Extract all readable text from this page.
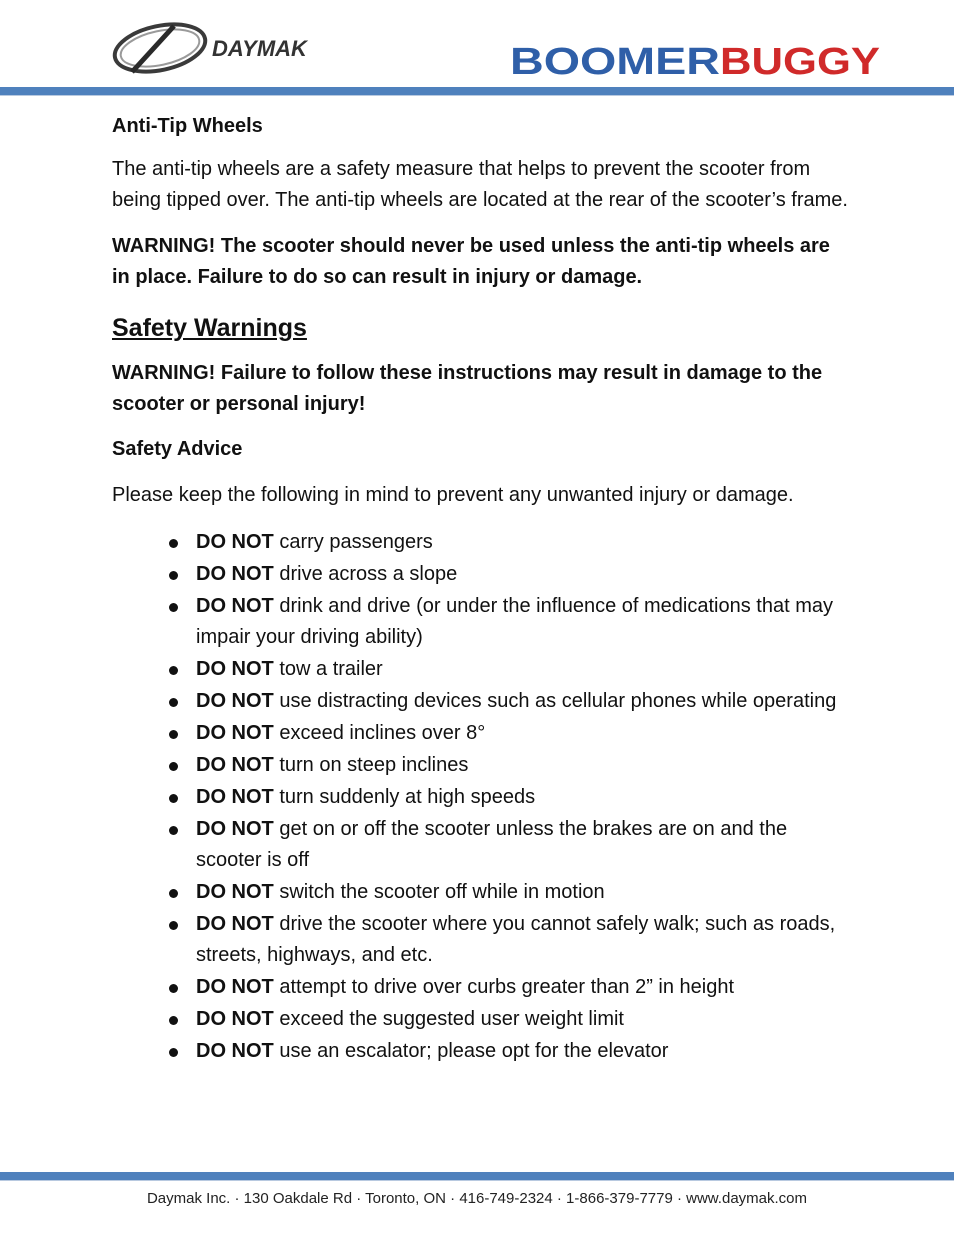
DAYMAK	BOOMER BUGGY

Anti-Tip Wheels

The anti-tip wheels are a safety measure that helps to prevent the scooter from being tipped over. The anti-tip wheels are located at the rear of the scooter’s frame.

WARNING! The scooter should never be used unless the anti-tip wheels are in place. Failure to do so can result in injury or damage.

Safety Warnings

WARNING! Failure to follow these instructions may result in damage to the scooter or personal injury!

Safety Advice

Please keep the following in mind to prevent any unwanted injury or damage.

DO NOT carry passengers
DO NOT drive across a slope
DO NOT drink and drive (or under the influence of medications that may impair your driving ability)
DO NOT tow a trailer
DO NOT use distracting devices such as cellular phones while operating
DO NOT exceed inclines over 8°
DO NOT turn on steep inclines
DO NOT turn suddenly at high speeds
DO NOT get on or off the scooter unless the brakes are on and the scooter is off
DO NOT switch the scooter off while in motion
DO NOT drive the scooter where you cannot safely walk; such as roads, streets, highways, and etc.
DO NOT attempt to drive over curbs greater than 2” in height
DO NOT exceed the suggested user weight limit
DO NOT use an escalator; please opt for the elevator
Daymak Inc. · 130 Oakdale Rd · Toronto, ON · 416-749-2324 · 1-866-379-7779 · www.daymak.com
